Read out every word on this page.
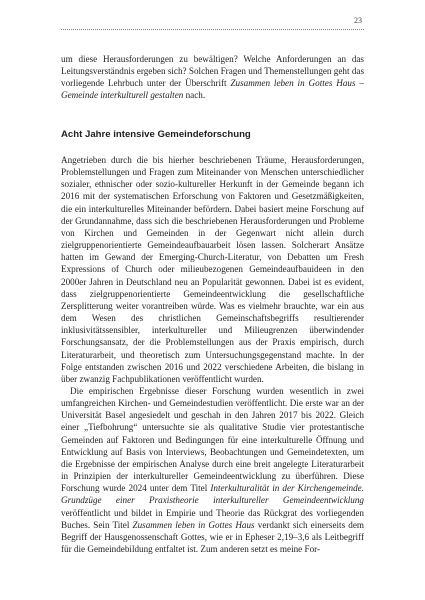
23

um diese Herausforderungen zu bewältigen? Welche Anforderungen an das Leitungsverständnis ergeben sich? Solchen Fragen und Themenstellungen geht das vorliegende Lehrbuch unter der Überschrift Zusammen leben in Gottes Haus – Gemeinde interkulturell gestalten nach.

Acht Jahre intensive Gemeindeforschung

Angetrieben durch die bis hierher beschriebenen Träume, Herausforderungen, Problemstellungen und Fragen zum Miteinander von Menschen unterschiedlicher sozialer, ethnischer oder sozio-kultureller Herkunft in der Gemeinde begann ich 2016 mit der systematischen Erforschung von Faktoren und Gesetzmäßigkeiten, die ein interkulturelles Miteinander befördern. Dabei basiert meine Forschung auf der Grundannahme, dass sich die beschriebenen Herausforderungen und Probleme von Kirchen und Gemeinden in der Gegenwart nicht allein durch zielgruppenorientierte Gemeindeaufbauarbeit lösen lassen. Solcherart Ansätze hatten im Gewand der Emerging-Church-Literatur, von Debatten um Fresh Expressions of Church oder milieubezogenen Gemeindeaufbauideen in den 2000er Jahren in Deutschland neu an Popularität gewonnen. Dabei ist es evident, dass zielgruppenorientierte Gemeindeentwicklung die gesellschaftliche Zersplitterung weiter vorantreiben würde. Was es vielmehr brauchte, war ein aus dem Wesen des christlichen Gemeinschaftsbegriffs resultierender inklusivitätssensibler, interkultureller und Milieugrenzen überwindender Forschungsansatz, der die Problemstellungen aus der Praxis empirisch, durch Literaturarbeit, und theoretisch zum Untersuchungsgegenstand machte. In der Folge entstanden zwischen 2016 und 2022 verschiedene Arbeiten, die bislang in über zwanzig Fachpublikationen veröffentlicht wurden.

Die empirischen Ergebnisse dieser Forschung wurden wesentlich in zwei umfangreichen Kirchen- und Gemeindestudien veröffentlicht. Die erste war an der Universität Basel angesiedelt und geschah in den Jahren 2017 bis 2022. Gleich einer „Tiefbohrung“ untersuchte sie als qualitative Studie vier protestantische Gemeinden auf Faktoren und Bedingungen für eine interkulturelle Öffnung und Entwicklung auf Basis von Interviews, Beobachtungen und Gemeindetexten, um die Ergebnisse der empirischen Analyse durch eine breit angelegte Literaturarbeit in Prinzipien der interkultureller Gemeindeentwicklung zu überführen. Diese Forschung wurde 2024 unter dem Titel Interkulturalität in der Kirchengemeinde. Grundzüge einer Praxistheorie interkultureller Gemeindeentwicklung veröffentlicht und bildet in Empirie und Theorie das Rückgrat des vorliegenden Buches. Sein Titel Zusammen leben in Gottes Haus verdankt sich einerseits dem Begriff der Hausgenossenschaft Gottes, wie er in Epheser 2,19–3,6 als Leitbegriff für die Gemeindebildung entfaltet ist. Zum anderen setzt es meine For-
